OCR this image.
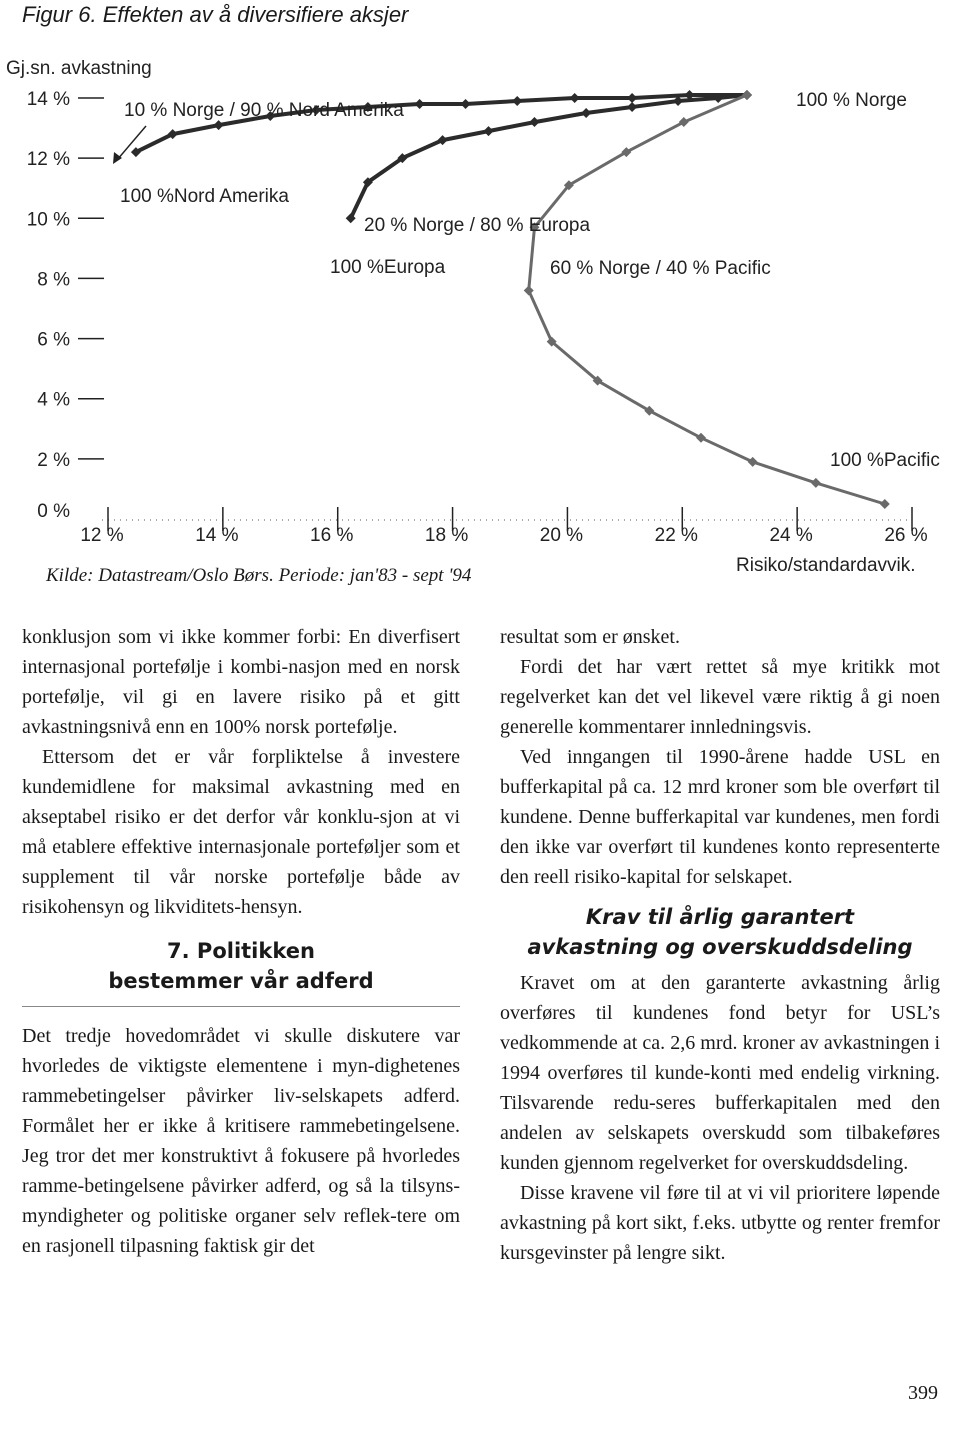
Figur 6. Effekten av å diversifiere aksjer
Gj.sn. avkastning
14 %
12 %
10 %
8 %
6 %
4 %
2 %
0 %
12 %	14 %	16 %	18 %	20 %	22 %	24 %	26 %
10 % Norge / 90 % Nord Amerika	100 % Norge
100 %Nord Amerika
20 % Norge / 80 % Europa
100 %Europa	60 % Norge / 40 % Pacific
100 %Pacific
Risiko/standardavvik.
Kilde: Datastream/Oslo Børs. Periode: jan'83 - sept '94

konklusjon som vi ikke kommer forbi: En diverfisert internasjonal portefølje i kombi-nasjon med en norsk portefølje, vil gi en lavere risiko på et gitt avkastningsnivå enn en 100% norsk portefølje.

Ettersom det er vår forpliktelse å investere kundemidlene for maksimal avkastning med en akseptabel risiko er det derfor vår konklu-sjon at vi må etablere effektive internasjonale porteføljer som et supplement til vår norske portefølje både av risikohensyn og likviditets-hensyn.

7. Politikken
bestemmer vår adferd

Det tredje hovedområdet vi skulle diskutere var hvorledes de viktigste elementene i myn-dighetenes rammebetingelser påvirker liv-selskapets adferd. Formålet her er ikke å kritisere rammebetingelsene. Jeg tror det mer konstruktivt å fokusere på hvorledes ramme-betingelsene påvirker adferd, og så la tilsyns-myndigheter og politiske organer selv reflek-tere om en rasjonell tilpasning faktisk gir det

resultat som er ønsket.

Fordi det har vært rettet så mye kritikk mot regelverket kan det vel likevel være riktig å gi noen generelle kommentarer innledningsvis.

Ved inngangen til 1990-årene hadde USL en bufferkapital på ca. 12 mrd kroner som ble overført til kundene. Denne bufferkapital var kundenes, men fordi den ikke var overført til kundenes konto representerte den reell risiko-kapital for selskapet.

Krav til årlig garantert
avkastning og overskuddsdeling

Kravet om at den garanterte avkastning årlig overføres til kundenes fond betyr for USL’s vedkommende at ca. 2,6 mrd. kroner av avkastningen i 1994 overføres til kunde-konti med endelig virkning. Tilsvarende redu-seres bufferkapitalen med den andelen av selskapets overskudd som tilbakeføres kunden gjennom regelverket for overskuddsdeling.

Disse kravene vil føre til at vi vil prioritere løpende avkastning på kort sikt, f.eks. utbytte og renter fremfor kursgevinster på lengre sikt.

399
